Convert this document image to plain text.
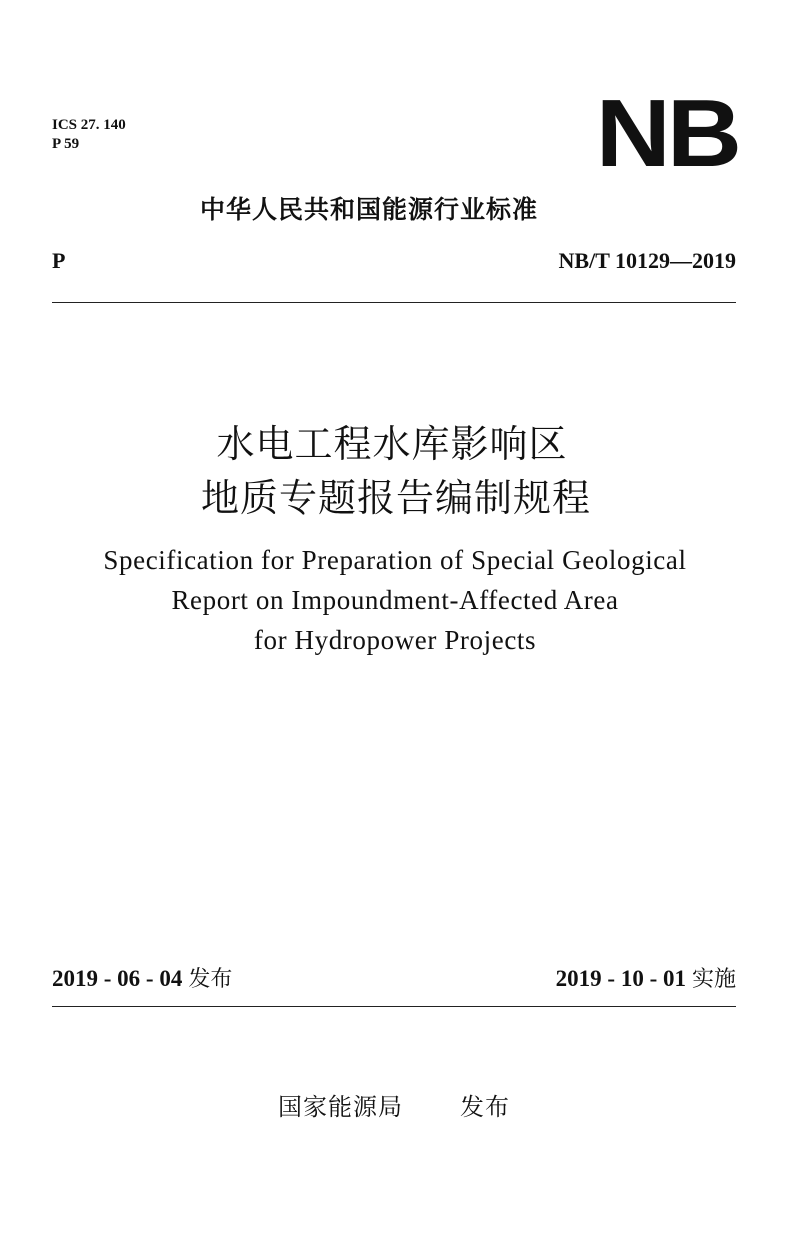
ICS 27. 140
P 59	NB
中华人民共和国能源行业标准
P	NB/T 10129—2019
水电工程水库影响区
地质专题报告编制规程
Specification for Preparation of Special Geological
Report on Impoundment-Affected Area
for Hydropower Projects
2019 - 06 - 04 发布	2019 - 10 - 01 实施
国家能源局 发布
